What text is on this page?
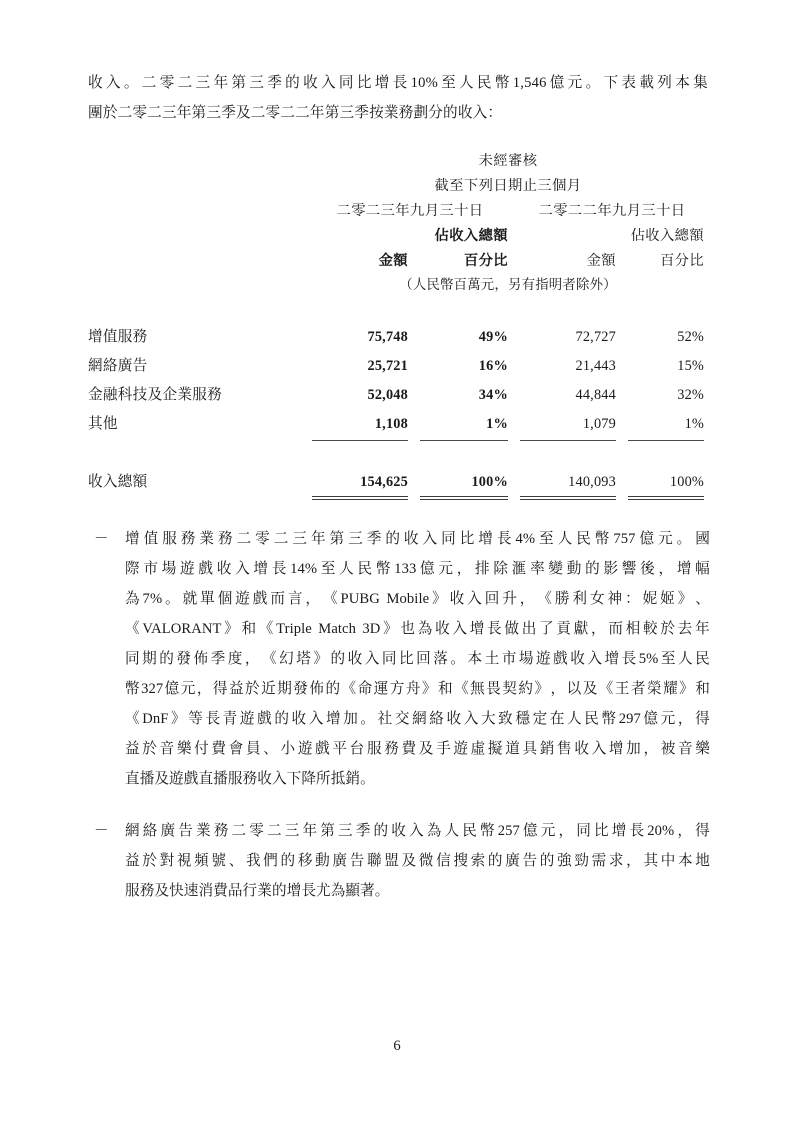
收 入 。 二 零 二 三 年 第 三 季 的 收 入 同 比 增 長 10% 至 人 民 幣 1,546 億 元 。 下 表 載 列 本 集
團於二零二三年第三季及二零二二年第三季按業務劃分的收入：

	未經審核			
	截至下列日期止三個月			
	二零二三年九月三十日		二零二二年九月三十日	
		佔收入總額		佔收入總額
	金額	百分比	金額	百分比
	（人民幣百萬元，另有指明者除外）			

增值服務	75,748	49%	72,727	52%
網絡廣告	25,721	16%	21,443	15%
金融科技及企業服務	52,048	34%	44,844	32%
其他	1,108	1%	1,079	1%

收入總額	154,625	100%	140,093	100%

－ 增 值 服 務 業 務 二 零 二 三 年 第 三 季 的 收 入 同 比 增 長 4% 至 人 民 幣 757 億 元 。 國
際 市 場 遊 戲 收 入 增 長 14% 至 人 民 幣 133 億 元 ， 排 除 滙 率 變 動 的 影 響 後 ， 增 幅
為 7% 。 就 單 個 遊 戲 而 言 ， 《 PUBG Mobile 》 收 入 回 升 ， 《 勝 利 女 神 ： 妮 姬 》 、
《 VALORANT 》 和 《 Triple Match 3D 》 也 為 收 入 增 長 做 出 了 貢 獻 ， 而 相 較 於 去 年
同 期 的 發 佈 季 度 ， 《 幻 塔 》 的 收 入 同 比 回 落 。 本 土 市 場 遊 戲 收 入 增 長 5% 至 人 民
幣 327 億 元 ， 得 益 於 近 期 發 佈 的 《 命 運 方 舟 》 和 《 無 畏 契 約 》 ， 以 及 《 王 者 榮 耀 》 和
《 DnF 》 等 長 青 遊 戲 的 收 入 增 加 。 社 交 網 絡 收 入 大 致 穩 定 在 人 民 幣 297 億 元 ， 得
益 於 音 樂 付 費 會 員 、 小 遊 戲 平 台 服 務 費 及 手 遊 虛 擬 道 具 銷 售 收 入 增 加 ， 被 音 樂
直播及遊戲直播服務收入下降所抵銷。
－ 網 絡 廣 告 業 務 二 零 二 三 年 第 三 季 的 收 入 為 人 民 幣 257 億 元 ， 同 比 增 長 20% ， 得
益 於 對 視 頻 號 、 我 們 的 移 動 廣 告 聯 盟 及 微 信 搜 索 的 廣 告 的 強 勁 需 求 ， 其 中 本 地
服務及快速消費品行業的增長尤為顯著。
6
